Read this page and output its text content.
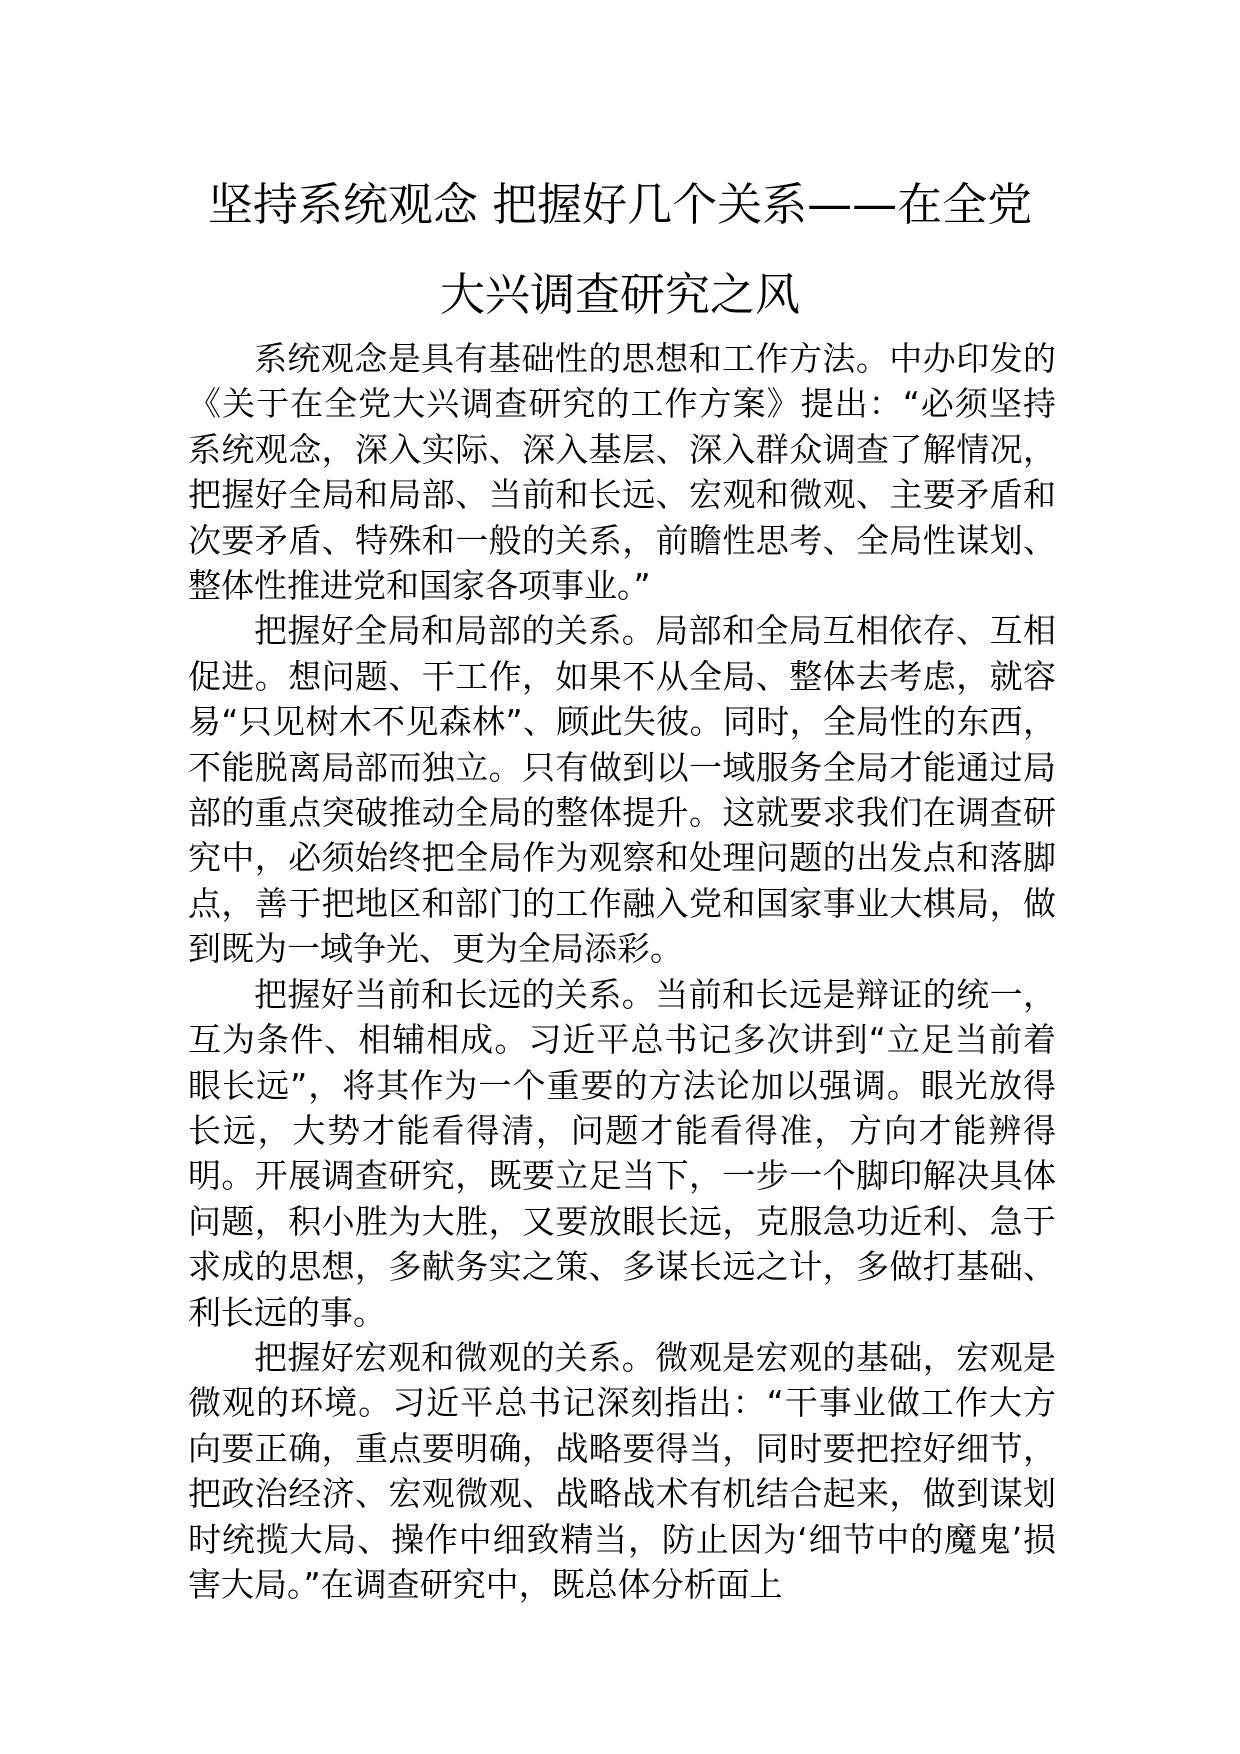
坚持系统观念 把握好几个关系——在全党
大兴调查研究之风

系统观念是具有基础性的思想和工作方法。中办印发的《关于在全党大兴调查研究的工作方案》提出：“必须坚持系统观念，深入实际、深入基层、深入群众调查了解情况，把握好全局和局部、当前和长远、宏观和微观、主要矛盾和次要矛盾、特殊和一般的关系，前瞻性思考、全局性谋划、整体性推进党和国家各项事业。”

把握好全局和局部的关系。局部和全局互相依存、互相促进。想问题、干工作，如果不从全局、整体去考虑，就容易“只见树木不见森林”、顾此失彼。同时，全局性的东西，不能脱离局部而独立。只有做到以一域服务全局才能通过局部的重点突破推动全局的整体提升。这就要求我们在调查研究中，必须始终把全局作为观察和处理问题的出发点和落脚点，善于把地区和部门的工作融入党和国家事业大棋局，做到既为一域争光、更为全局添彩。

把握好当前和长远的关系。当前和长远是辩证的统一，互为条件、相辅相成。习近平总书记多次讲到“立足当前着眼长远”，将其作为一个重要的方法论加以强调。眼光放得长远，大势才能看得清，问题才能看得准，方向才能辨得明。开展调查研究，既要立足当下，一步一个脚印解决具体问题，积小胜为大胜，又要放眼长远，克服急功近利、急于求成的思想，多献务实之策、多谋长远之计，多做打基础、利长远的事。

把握好宏观和微观的关系。微观是宏观的基础，宏观是微观的环境。习近平总书记深刻指出：“干事业做工作大方向要正确，重点要明确，战略要得当，同时要把控好细节，把政治经济、宏观微观、战略战术有机结合起来，做到谋划时统揽大局、操作中细致精当，防止因为‘细节中的魔鬼’损害大局。”在调查研究中，既总体分析面上
